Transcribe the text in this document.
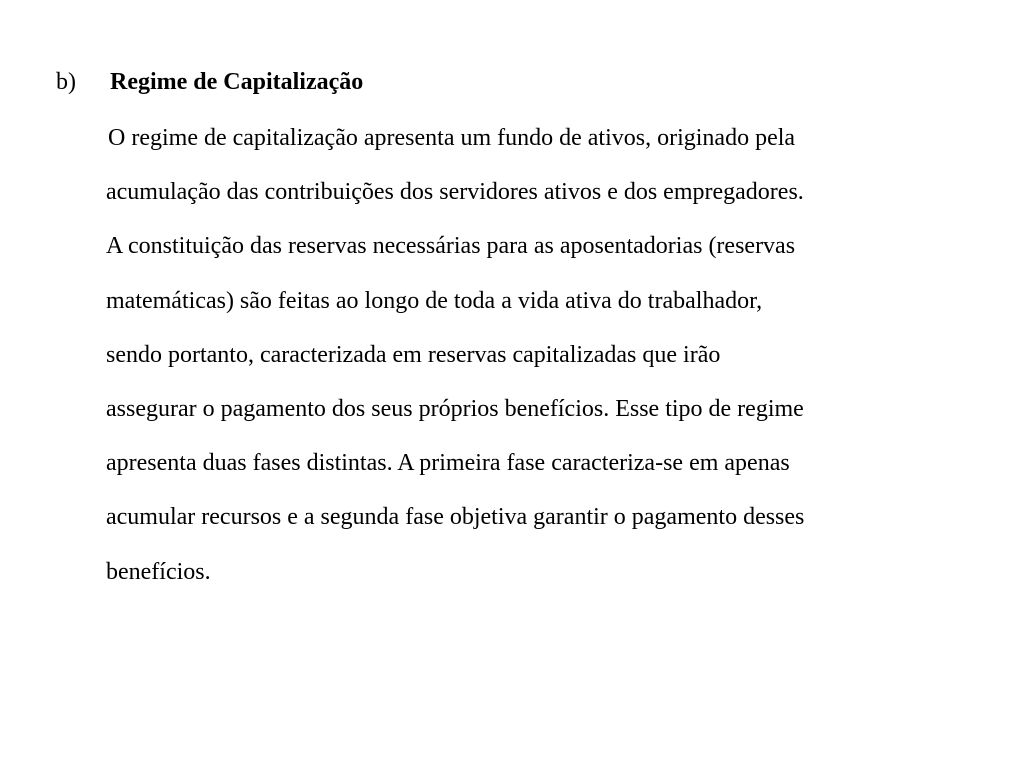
b) Regime de Capitalização

O regime de capitalização apresenta um fundo de ativos, originado pela
acumulação das contribuições dos servidores ativos e dos empregadores.
A constituição das reservas necessárias para as aposentadorias (reservas
matemáticas) são feitas ao longo de toda a vida ativa do trabalhador,
sendo portanto, caracterizada em reservas capitalizadas que irão
assegurar o pagamento dos seus próprios benefícios. Esse tipo de regime
apresenta duas fases distintas. A primeira fase caracteriza-se em apenas
acumular recursos e a segunda fase objetiva garantir o pagamento desses
benefícios.
